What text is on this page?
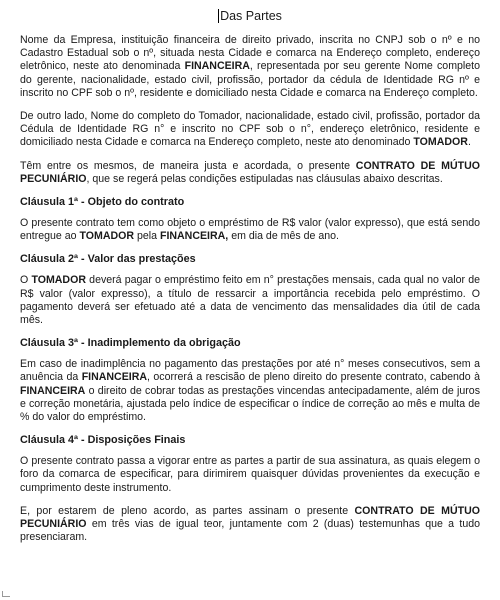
Das Partes

Nome da Empresa, instituição financeira de direito privado, inscrita no CNPJ sob o nº e no Cadastro Estadual sob o nº, situada nesta Cidade e comarca na Endereço completo, endereço eletrônico, neste ato denominada FINANCEIRA, representada por seu gerente Nome completo do gerente, nacionalidade, estado civil, profissão, portador da cédula de Identidade RG nº e inscrito no CPF sob o nº, residente e domiciliado nesta Cidade e comarca na Endereço completo.

De outro lado, Nome do completo do Tomador, nacionalidade, estado civil, profissão, portador da Cédula de Identidade RG n° e inscrito no CPF sob o n°, endereço eletrônico, residente e domiciliado nesta Cidade e comarca na Endereço completo, neste ato denominado TOMADOR.

Têm entre os mesmos, de maneira justa e acordada, o presente CONTRATO DE MÚTUO PECUNIÁRIO, que se regerá pelas condições estipuladas nas cláusulas abaixo descritas.

Cláusula 1ª - Objeto do contrato

O presente contrato tem como objeto o empréstimo de R$ valor (valor expresso), que está sendo entregue ao TOMADOR pela FINANCEIRA, em dia de mês de ano.

Cláusula 2ª - Valor das prestações

O TOMADOR deverá pagar o empréstimo feito em n° prestações mensais, cada qual no valor de R$ valor (valor expresso), a título de ressarcir a importância recebida pelo empréstimo. O pagamento deverá ser efetuado até a data de vencimento das mensalidades dia útil de cada mês.

Cláusula 3ª - Inadimplemento da obrigação

Em caso de inadimplência no pagamento das prestações por até n° meses consecutivos, sem a anuência da FINANCEIRA, ocorrerá a rescisão de pleno direito do presente contrato, cabendo à FINANCEIRA o direito de cobrar todas as prestações vincendas antecipadamente, além de juros e correção monetária, ajustada pelo índice de especificar o índice de correção ao mês e multa de % do valor do empréstimo.

Cláusula 4ª - Disposições Finais

O presente contrato passa a vigorar entre as partes a partir de sua assinatura, as quais elegem o foro da comarca de especificar, para dirimirem quaisquer dúvidas provenientes da execução e cumprimento deste instrumento.

E, por estarem de pleno acordo, as partes assinam o presente CONTRATO DE MÚTUO PECUNIÁRIO em três vias de igual teor, juntamente com 2 (duas) testemunhas que a tudo presenciaram.
